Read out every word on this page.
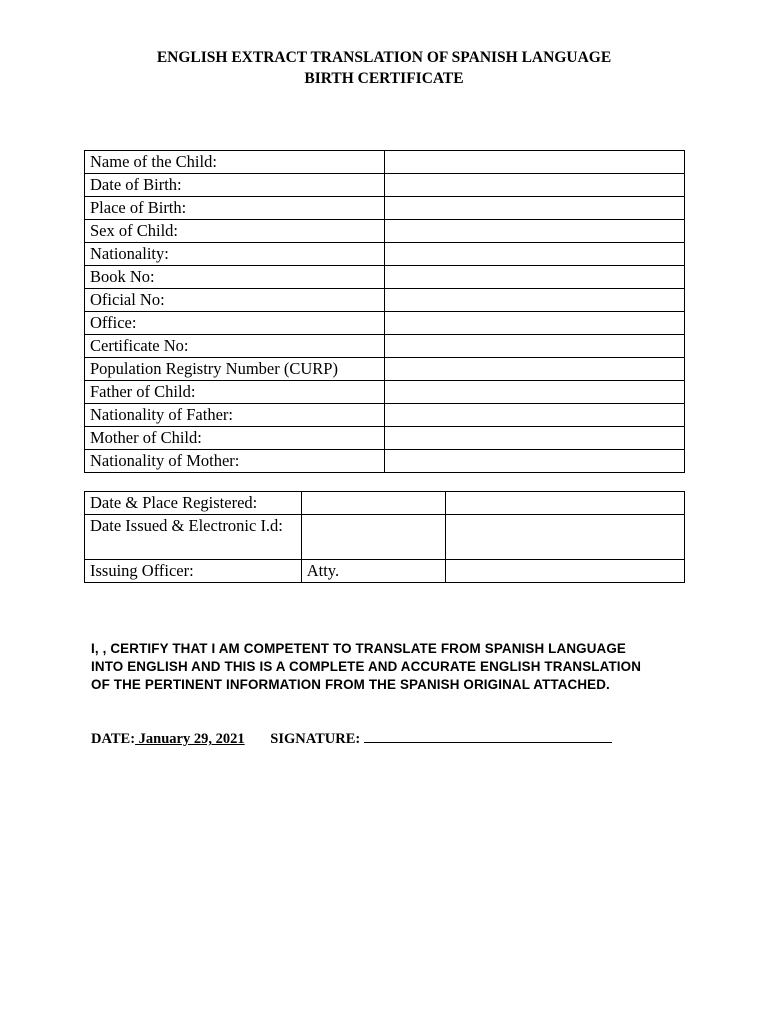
ENGLISH EXTRACT TRANSLATION OF SPANISH LANGUAGE
BIRTH CERTIFICATE
Name of the Child:	
Date of Birth:	
Place of Birth:	
Sex of Child:	
Nationality:	
Book No:	
Oficial No:	
Office:	
Certificate No:	
Population Registry Number (CURP)	
Father of Child:	
Nationality of Father:	
Mother of Child:	
Nationality of Mother:	
Date & Place Registered:		
Date Issued & Electronic I.d:		
Issuing Officer:	Atty.	
I, , CERTIFY THAT I AM COMPETENT TO TRANSLATE FROM SPANISH LANGUAGE INTO ENGLISH AND THIS IS A COMPLETE AND ACCURATE ENGLISH TRANSLATION OF THE PERTINENT INFORMATION FROM THE SPANISH ORIGINAL ATTACHED.
DATE: January 29, 2021 SIGNATURE:
